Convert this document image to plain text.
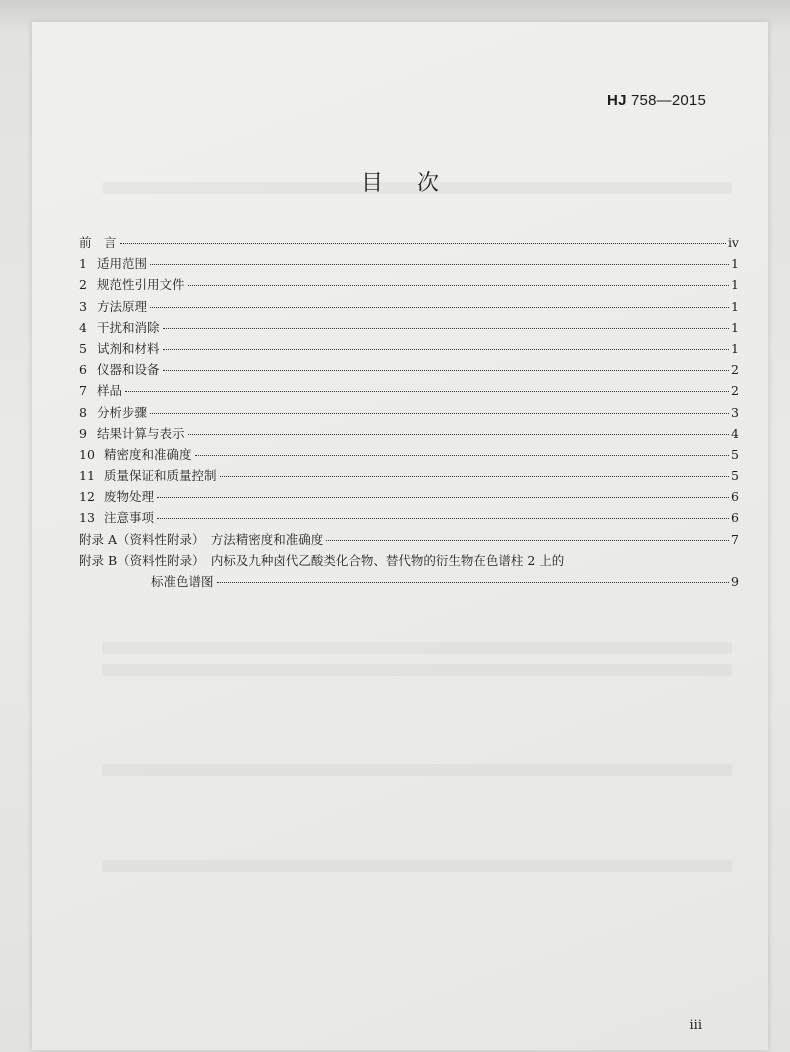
HJ 758—2015
目次
前　言	iv
1 适用范围	1
2 规范性引用文件	1
3 方法原理	1
4 干扰和消除	1
5 试剂和材料	1
6 仪器和设备	2
7 样品	2
8 分析步骤	3
9 结果计算与表示	4
10 精密度和准确度	5
11 质量保证和质量控制	5
12 废物处理	6
13 注意事项	6
附录 A（资料性附录）　方法精密度和准确度	7
附录 B（资料性附录）　内标及九种卤代乙酸类化合物、替代物的衍生物在色谱柱 2 上的
标准色谱图	9
iii
